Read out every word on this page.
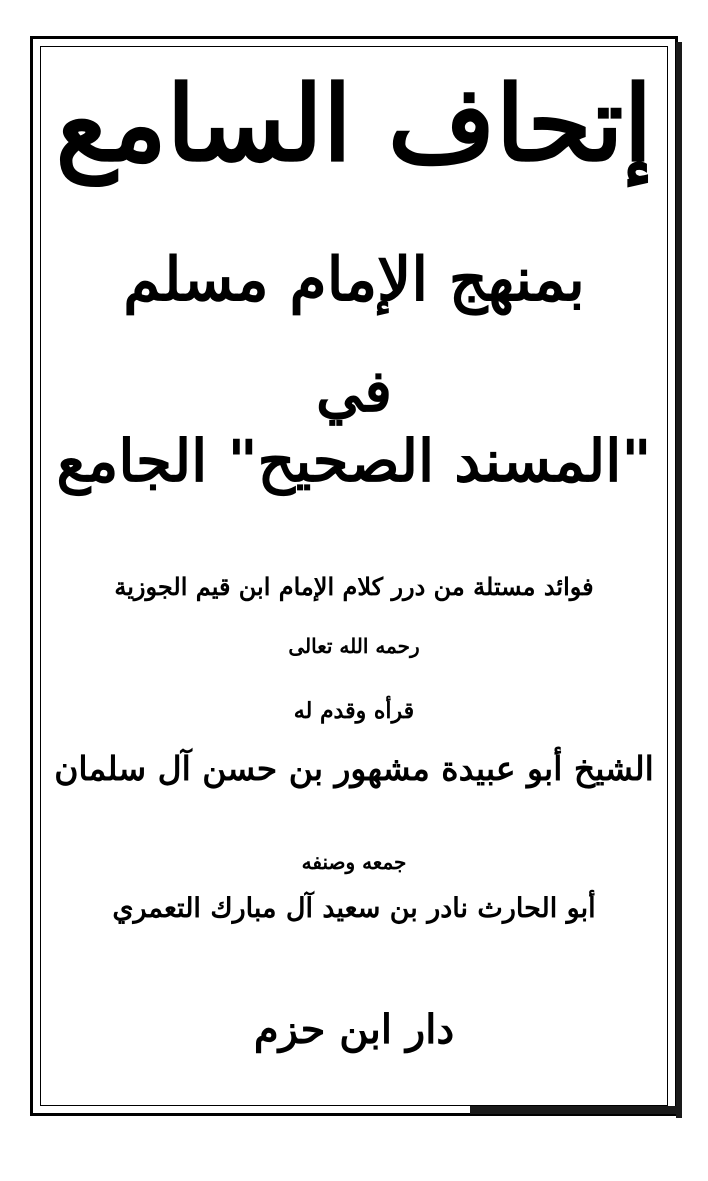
إتحاف السامع
بمنهج الإمام مسلم
في
"المسند الصحيح" الجامع
فوائد مستلة من درر كلام الإمام ابن قيم الجوزية
رحمه الله تعالى
قرأه وقدم له
الشيخ أبو عبيدة مشهور بن حسن آل سلمان
جمعه وصنفه
أبو الحارث نادر بن سعيد آل مبارك التعمري
دار ابن حزم
